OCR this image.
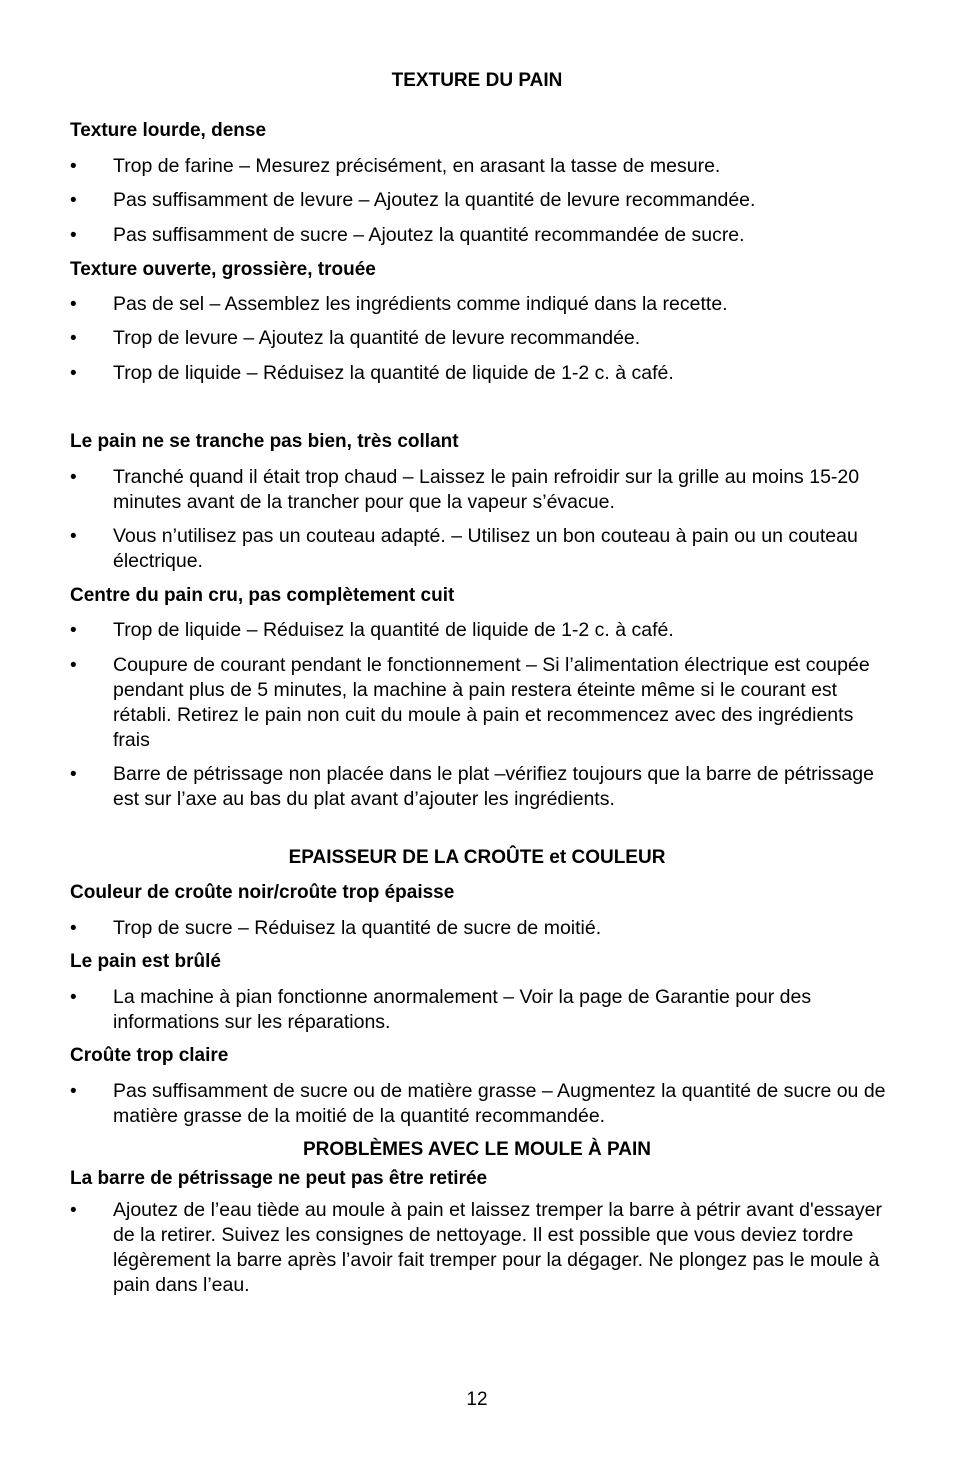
TEXTURE DU PAIN
Texture lourde, dense
• Trop de farine – Mesurez précisément, en arasant la tasse de mesure.
• Pas suffisamment de levure – Ajoutez la quantité de levure recommandée.
• Pas suffisamment de sucre – Ajoutez la quantité recommandée de sucre.
Texture ouverte, grossière, trouée
• Pas de sel – Assemblez les ingrédients comme indiqué dans la recette.
• Trop de levure – Ajoutez la quantité de levure recommandée.
• Trop de liquide – Réduisez la quantité de liquide de 1-2 c. à café.
Le pain ne se tranche pas bien, très collant
• Tranché quand il était trop chaud – Laissez le pain refroidir sur la grille au moins 15-20 minutes avant de la trancher pour que la vapeur s’évacue.
• Vous n’utilisez pas un couteau adapté. – Utilisez un bon couteau à pain ou un couteau électrique.
Centre du pain cru, pas complètement cuit
• Trop de liquide – Réduisez la quantité de liquide de 1-2 c. à café.
• Coupure de courant pendant le fonctionnement – Si l’alimentation électrique est coupée pendant plus de 5 minutes, la machine à pain restera éteinte même si le courant est rétabli. Retirez le pain non cuit du moule à pain et recommencez avec des ingrédients frais
• Barre de pétrissage non placée dans le plat –vérifiez toujours que la barre de pétrissage est sur l’axe au bas du plat avant d’ajouter les ingrédients.
EPAISSEUR DE LA CROÛTE et COULEUR
Couleur de croûte noir/croûte trop épaisse
• Trop de sucre – Réduisez la quantité de sucre de moitié.
Le pain est brûlé
• La machine à pian fonctionne anormalement – Voir la page de Garantie pour des informations sur les réparations.
Croûte trop claire
• Pas suffisamment de sucre ou de matière grasse – Augmentez la quantité de sucre ou de matière grasse de la moitié de la quantité recommandée.
PROBLÈMES AVEC LE MOULE À PAIN
La barre de pétrissage ne peut pas être retirée
• Ajoutez de l’eau tiède au moule à pain et laissez tremper la barre à pétrir avant d'essayer de la retirer. Suivez les consignes de nettoyage. Il est possible que vous deviez tordre légèrement la barre après l’avoir fait tremper pour la dégager. Ne plongez pas le moule à pain dans l’eau.
12
